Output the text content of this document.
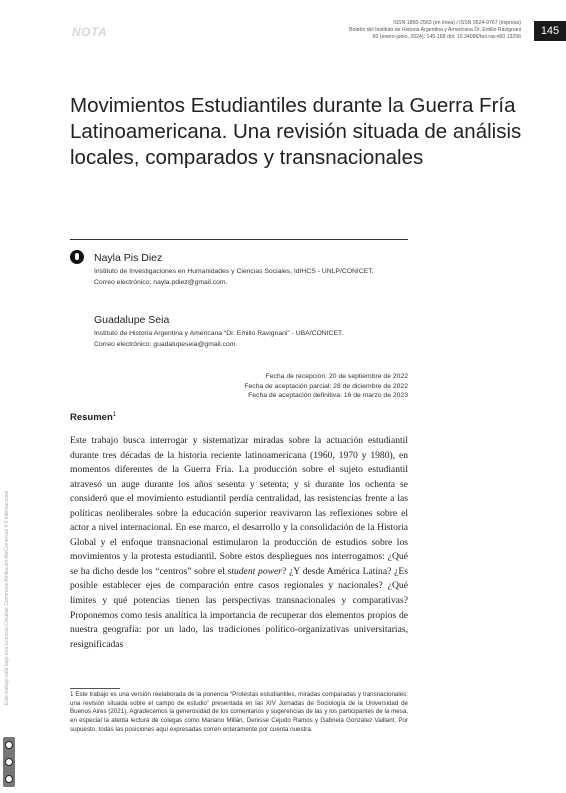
NOTA
ISSN 1850-2563 (en línea) / ISSN 0524-9767 (impresa)
Boletín del Instituto de Historia Argentina y Americana Dr. Emilio Ravignani
60 (enero-junio, 2024): 145-168 doi: 10.34096/bol.rav.n60.13256
145
Movimientos Estudiantiles durante la Guerra Fría Latinoamericana. Una revisión situada de análisis locales, comparados y transnacionales
Nayla Pis Diez
Instituto de Investigaciones en Humanidades y Ciencias Sociales, IdIHCS - UNLP/CONICET.
Correo electrónico: nayla.pdiez@gmail.com.
Guadalupe Seia
Instituto de Historia Argentina y Americana “Dr. Emilio Ravignani” - UBA/CONICET.
Correo electrónico: guadalupeseia@gmail.com.
Fecha de recepción: 20 de septiembre de 2022
Fecha de aceptación parcial: 28 de diciembre de 2022
Fecha de aceptación definitiva: 16 de marzo de 2023
Resumen$^1$

Este trabajo busca interrogar y sistematizar miradas sobre la actuación estudiantil durante tres décadas de la historia reciente latinoamericana (1960, 1970 y 1980), en momentos diferentes de la Guerra Fría. La producción sobre el sujeto estudiantil atravesó un auge durante los años sesenta y setenta; y si durante los ochenta se consideró que el movimiento estudiantil perdía centralidad, las resistencias frente a las políticas neoliberales sobre la educación superior reavivaron las reflexiones sobre el actor a nivel internacional. En ese marco, el desarrollo y la consolidación de la Historia Global y el enfoque transnacional estimularon la producción de estudios sobre los movimientos y la protesta estudiantil. Sobre estos despliegues nos interrogamos: ¿Qué se ha dicho desde los “centros” sobre el student power? ¿Y desde América Latina? ¿Es posible establecer ejes de comparación entre casos regionales y nacionales? ¿Qué límites y qué potencias tienen las perspectivas transnacionales y comparativas? Proponemos como tesis analítica la importancia de recuperar dos elementos propios de nuestra geografía: por un lado, las tradiciones político-organizativas universitarias, resignificadas

1 Este trabajo es una versión reelaborada de la ponencia “Protestas estudiantiles, miradas comparadas y transnacionales: una revisión situada sobre el campo de estudio” presentada en las XIV Jornadas de Sociología de la Universidad de Buenos Aires (2021). Agradecemos la generosidad de los comentarios y sugerencias de las y los participantes de la mesa, en especial la atenta lectura de colegas como Mariano Millán, Denisse Cejudo Ramos y Gabriela González Vaillant. Por supuesto, todas las posiciones aquí expresadas corren enteramente por cuenta nuestra.

Este trabajo está bajo una Licencia Creative Commons Atribución-NoComercial 4.0 Internacional
